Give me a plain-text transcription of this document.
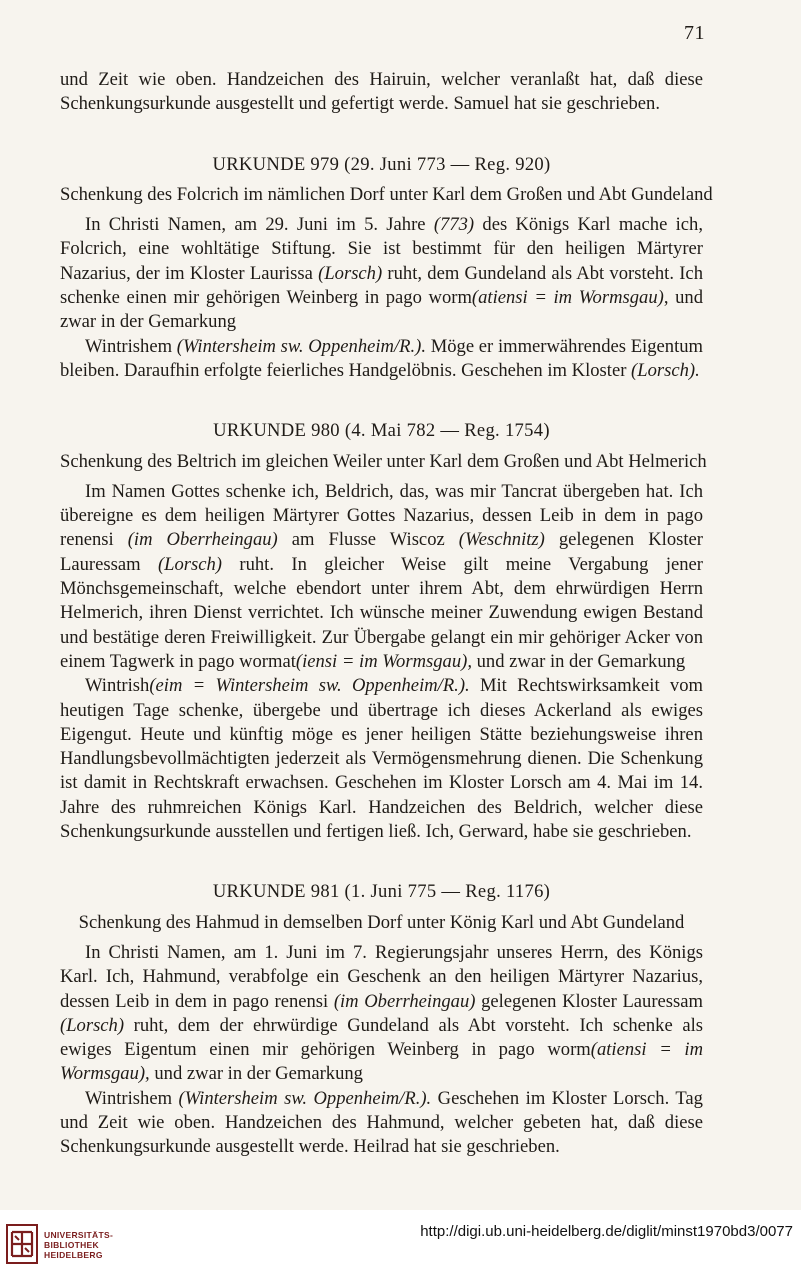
71

und Zeit wie oben. Handzeichen des Hairuin, welcher veranlaßt hat, daß diese Schenkungsurkunde ausgestellt und gefertigt werde. Samuel hat sie geschrieben.

URKUNDE 979 (29. Juni 773 — Reg. 920)
Schenkung des Folcrich im nämlichen Dorf unter Karl dem Großen und Abt Gundeland

In Christi Namen, am 29. Juni im 5. Jahre (773) des Königs Karl mache ich, Folcrich, eine wohltätige Stiftung. Sie ist bestimmt für den heiligen Märtyrer Nazarius, der im Kloster Laurissa (Lorsch) ruht, dem Gundeland als Abt vorsteht. Ich schenke einen mir gehörigen Weinberg in pago worm(atiensi = im Wormsgau), und zwar in der Gemarkung

Wintrishem (Wintersheim sw. Oppenheim/R.). Möge er immerwährendes Eigentum bleiben. Daraufhin erfolgte feierliches Handgelöbnis. Geschehen im Kloster (Lorsch).

URKUNDE 980 (4. Mai 782 — Reg. 1754)
Schenkung des Beltrich im gleichen Weiler unter Karl dem Großen und Abt Helmerich

Im Namen Gottes schenke ich, Beldrich, das, was mir Tancrat übergeben hat. Ich übereigne es dem heiligen Märtyrer Gottes Nazarius, dessen Leib in dem in pago renensi (im Oberrheingau) am Flusse Wiscoz (Weschnitz) gelegenen Kloster Lauressam (Lorsch) ruht. In gleicher Weise gilt meine Vergabung jener Mönchsgemeinschaft, welche ebendort unter ihrem Abt, dem ehrwürdigen Herrn Helmerich, ihren Dienst verrichtet. Ich wünsche meiner Zuwendung ewigen Bestand und bestätige deren Freiwilligkeit. Zur Übergabe gelangt ein mir gehöriger Acker von einem Tagwerk in pago wormat(iensi = im Wormsgau), und zwar in der Gemarkung

Wintrish(eim = Wintersheim sw. Oppenheim/R.). Mit Rechtswirksamkeit vom heutigen Tage schenke, übergebe und übertrage ich dieses Ackerland als ewiges Eigengut. Heute und künftig möge es jener heiligen Stätte beziehungsweise ihren Handlungsbevollmächtigten jederzeit als Vermögensmehrung dienen. Die Schenkung ist damit in Rechtskraft erwachsen. Geschehen im Kloster Lorsch am 4. Mai im 14. Jahre des ruhmreichen Königs Karl. Handzeichen des Beldrich, welcher diese Schenkungsurkunde ausstellen und fertigen ließ. Ich, Gerward, habe sie geschrieben.

URKUNDE 981 (1. Juni 775 — Reg. 1176)
Schenkung des Hahmud in demselben Dorf unter König Karl und Abt Gundeland

In Christi Namen, am 1. Juni im 7. Regierungsjahr unseres Herrn, des Königs Karl. Ich, Hahmund, verabfolge ein Geschenk an den heiligen Märtyrer Nazarius, dessen Leib in dem in pago renensi (im Oberrheingau) gelegenen Kloster Lauressam (Lorsch) ruht, dem der ehrwürdige Gundeland als Abt vorsteht. Ich schenke als ewiges Eigentum einen mir gehörigen Weinberg in pago worm(atiensi = im Wormsgau), und zwar in der Gemarkung

Wintrishem (Wintersheim sw. Oppenheim/R.). Geschehen im Kloster Lorsch. Tag und Zeit wie oben. Handzeichen des Hahmund, welcher gebeten hat, daß diese Schenkungsurkunde ausgestellt werde. Heilrad hat sie geschrieben.

UNIVERSITÄTS-
BIBLIOTHEK
HEIDELBERG
http://digi.ub.uni-heidelberg.de/diglit/minst1970bd3/0077
